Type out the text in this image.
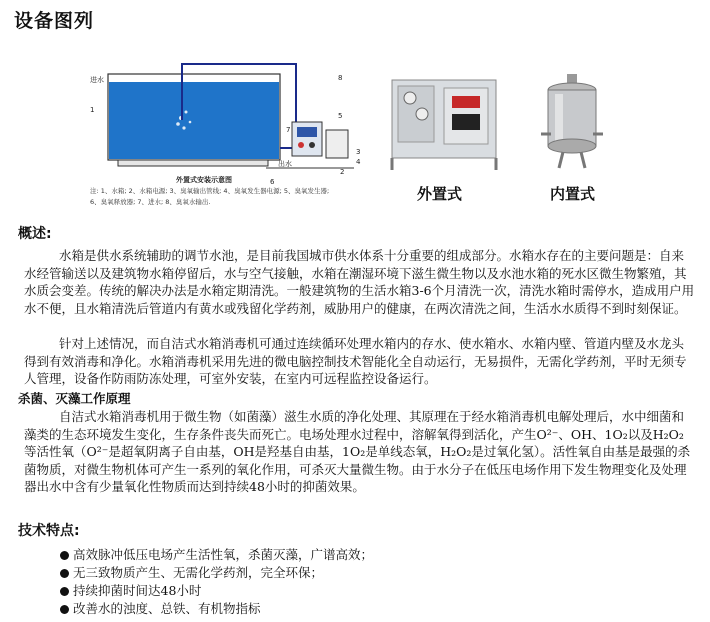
设备图列
进水
1
8
5
7
3
4
2
出水
6
外置式安装示意图
注: 1、水箱; 2、水箱电源; 3、臭氧输出管线; 4、臭氧发生器电源; 5、臭氧发生器;
6、臭氧释放器; 7、进水; 8、臭氧水输出.	外置式	内置式
概述:
水箱是供水系统辅助的调节水池，是目前我国城市供水体系十分重要的组成部分。水箱水存在的主要问题是：自来水经管输送以及建筑物水箱停留后，水与空气接触，水箱在潮湿环境下滋生微生物以及水池水箱的死水区微生物繁殖，其水质会变差。传统的解决办法是水箱定期清洗。一般建筑物的生活水箱3-6个月清洗一次，清洗水箱时需停水，造成用户用水不便，且水箱清洗后管道内有黄水或残留化学药剂，威胁用户的健康，在两次清洗之间，生活水水质得不到时刻保证。
针对上述情况，而自洁式水箱消毒机可通过连续循环处理水箱内的存水、使水箱水、水箱内壁、管道内壁及水龙头得到有效消毒和净化。水箱消毒机采用先进的微电脑控制技术智能化全自动运行，无易损件，无需化学药剂，平时无须专人管理，设备作防雨防冻处理，可室外安装，在室内可远程监控设备运行。
杀菌、灭藻工作原理
自洁式水箱消毒机用于微生物（如菌藻）滋生水质的净化处理、其原理在于经水箱消毒机电解处理后，水中细菌和藻类的生态环境发生变化，生存条件丧失而死亡。电场处理水过程中，溶解氧得到活化，产生O²⁻、OH、1O₂以及H₂O₂等活性氧（O²⁻是超氧阴离子自由基，OH是羟基自由基，1O₂是单线态氧，H₂O₂是过氧化氢）。活性氧自由基是最强的杀菌物质，对微生物机体可产生一系列的氧化作用，可杀灭大量微生物。由于水分子在低压电场作用下发生物理变化及处理器出水中含有少量氧化性物质而达到持续48小时的抑菌效果。
技术特点:
高效脉冲低压电场产生活性氧，杀菌灭藻，广谱高效；
无三致物质产生、无需化学药剂，完全环保；
持续抑菌时间达48小时
改善水的浊度、总铁、有机物指标
